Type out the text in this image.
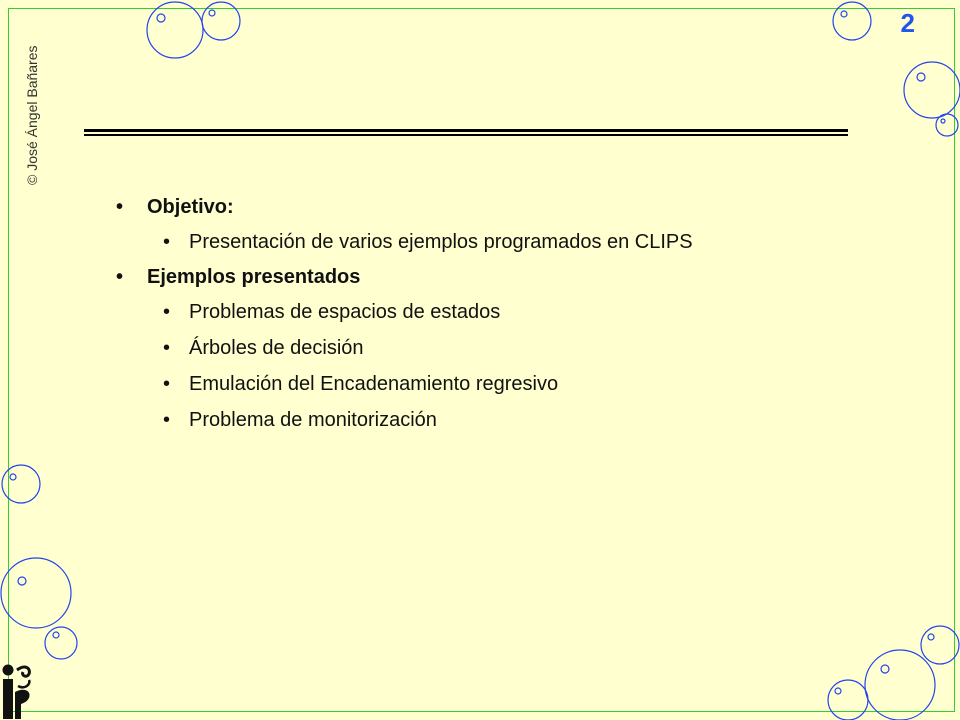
© José Ángel Bañares
2
• Objetivo:
• Presentación de varios ejemplos programados en CLIPS
• Ejemplos presentados
• Problemas de espacios de estados
• Árboles de decisión
• Emulación del Encadenamiento regresivo
• Problema de monitorización
